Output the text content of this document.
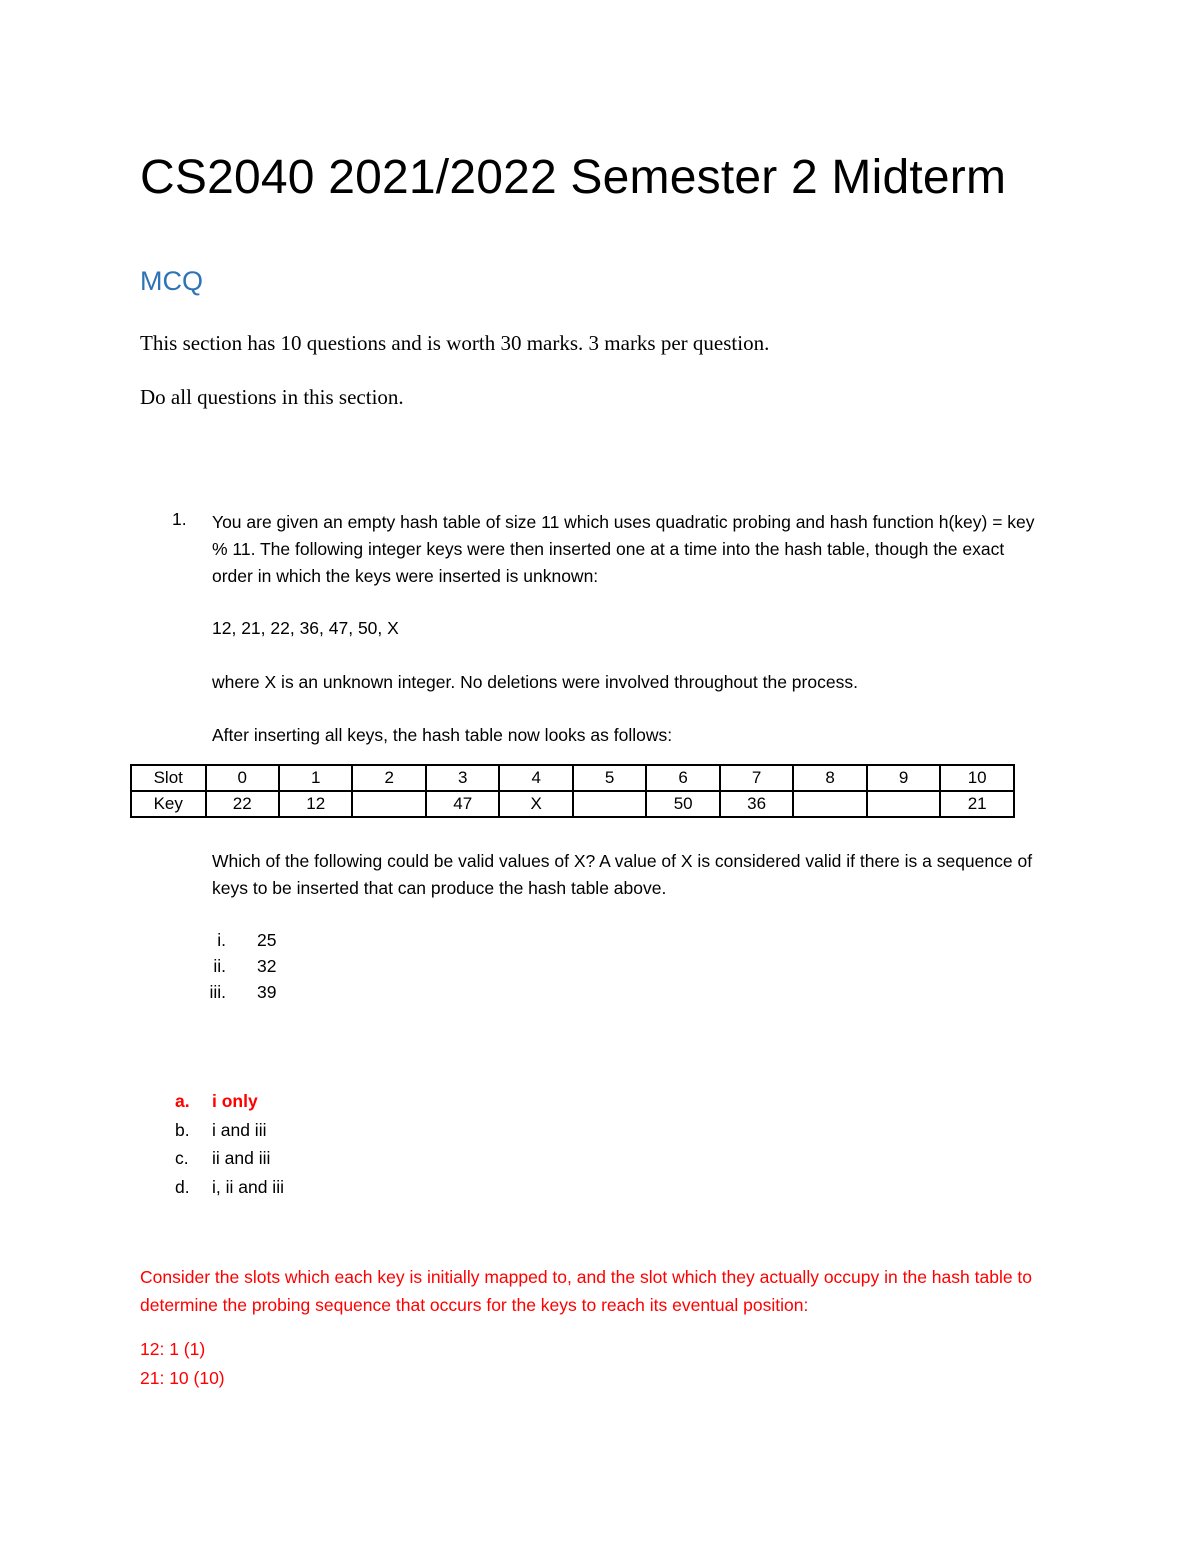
CS2040 2021/2022 Semester 2 Midterm
MCQ
This section has 10 questions and is worth 30 marks. 3 marks per question.
Do all questions in this section.
1. You are given an empty hash table of size 11 which uses quadratic probing and hash function h(key) = key % 11. The following integer keys were then inserted one at a time into the hash table, though the exact order in which the keys were inserted is unknown:
12, 21, 22, 36, 47, 50, X
where X is an unknown integer. No deletions were involved throughout the process.
After inserting all keys, the hash table now looks as follows:
Slot	0	1	2	3	4	5	6	7	8	9	10
Key	22	12		47	X		50	36			21
Which of the following could be valid values of X? A value of X is considered valid if there is a sequence of keys to be inserted that can produce the hash table above.
i. 25
ii. 32
iii. 39
a. i only
b. i and iii
c. ii and iii
d. i, ii and iii
Consider the slots which each key is initially mapped to, and the slot which they actually occupy in the hash table to determine the probing sequence that occurs for the keys to reach its eventual position:
12: 1 (1)
21: 10 (10)
